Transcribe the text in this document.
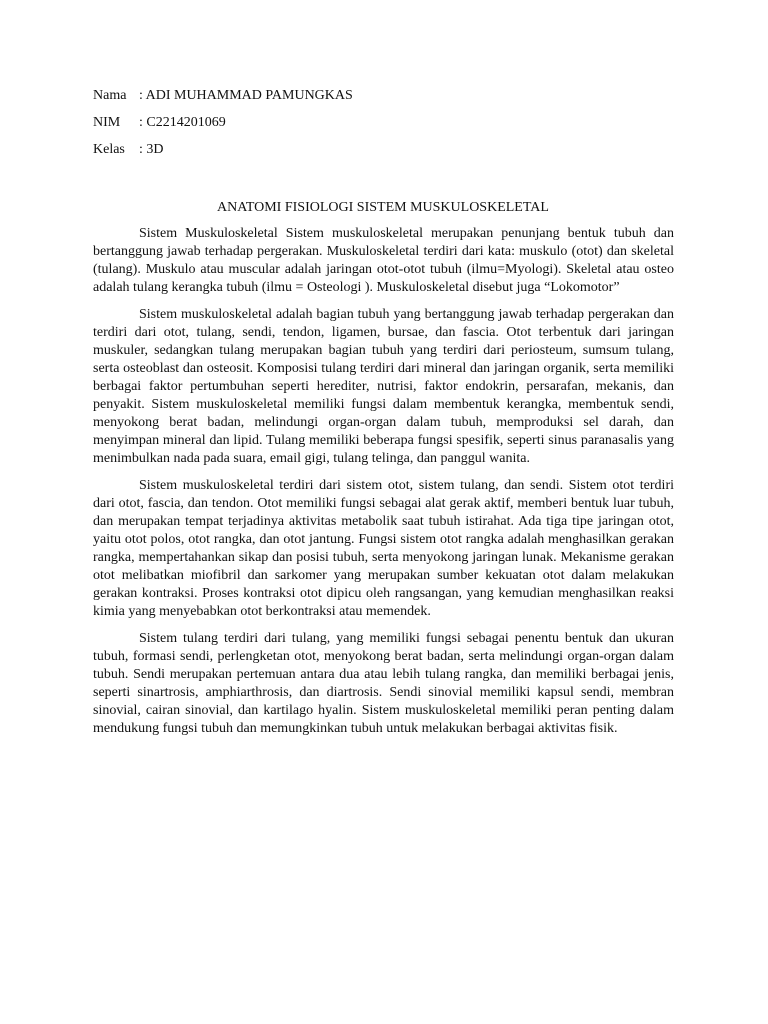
Nama : ADI MUHAMMAD PAMUNGKAS
NIM	: C2214201069
Kelas	: 3D
ANATOMI FISIOLOGI SISTEM MUSKULOSKELETAL

Sistem Muskuloskeletal Sistem muskuloskeletal merupakan penunjang bentuk tubuh dan bertanggung jawab terhadap pergerakan. Muskuloskeletal terdiri dari kata: muskulo (otot) dan skeletal (tulang). Muskulo atau muscular adalah jaringan otot-otot tubuh (ilmu=Myologi). Skeletal atau osteo adalah tulang kerangka tubuh (ilmu = Osteologi ). Muskuloskeletal disebut juga “Lokomotor”

Sistem muskuloskeletal adalah bagian tubuh yang bertanggung jawab terhadap pergerakan dan terdiri dari otot, tulang, sendi, tendon, ligamen, bursae, dan fascia. Otot terbentuk dari jaringan muskuler, sedangkan tulang merupakan bagian tubuh yang terdiri dari periosteum, sumsum tulang, serta osteoblast dan osteosit. Komposisi tulang terdiri dari mineral dan jaringan organik, serta memiliki berbagai faktor pertumbuhan seperti herediter, nutrisi, faktor endokrin, persarafan, mekanis, dan penyakit. Sistem muskuloskeletal memiliki fungsi dalam membentuk kerangka, membentuk sendi, menyokong berat badan, melindungi organ-organ dalam tubuh, memproduksi sel darah, dan menyimpan mineral dan lipid. Tulang memiliki beberapa fungsi spesifik, seperti sinus paranasalis yang menimbulkan nada pada suara, email gigi, tulang telinga, dan panggul wanita.

Sistem muskuloskeletal terdiri dari sistem otot, sistem tulang, dan sendi. Sistem otot terdiri dari otot, fascia, dan tendon. Otot memiliki fungsi sebagai alat gerak aktif, memberi bentuk luar tubuh, dan merupakan tempat terjadinya aktivitas metabolik saat tubuh istirahat. Ada tiga tipe jaringan otot, yaitu otot polos, otot rangka, dan otot jantung. Fungsi sistem otot rangka adalah menghasilkan gerakan rangka, mempertahankan sikap dan posisi tubuh, serta menyokong jaringan lunak. Mekanisme gerakan otot melibatkan miofibril dan sarkomer yang merupakan sumber kekuatan otot dalam melakukan gerakan kontraksi. Proses kontraksi otot dipicu oleh rangsangan, yang kemudian menghasilkan reaksi kimia yang menyebabkan otot berkontraksi atau memendek.

Sistem tulang terdiri dari tulang, yang memiliki fungsi sebagai penentu bentuk dan ukuran tubuh, formasi sendi, perlengketan otot, menyokong berat badan, serta melindungi organ-organ dalam tubuh. Sendi merupakan pertemuan antara dua atau lebih tulang rangka, dan memiliki berbagai jenis, seperti sinartrosis, amphiarthrosis, dan diartrosis. Sendi sinovial memiliki kapsul sendi, membran sinovial, cairan sinovial, dan kartilago hyalin. Sistem muskuloskeletal memiliki peran penting dalam mendukung fungsi tubuh dan memungkinkan tubuh untuk melakukan berbagai aktivitas fisik.
